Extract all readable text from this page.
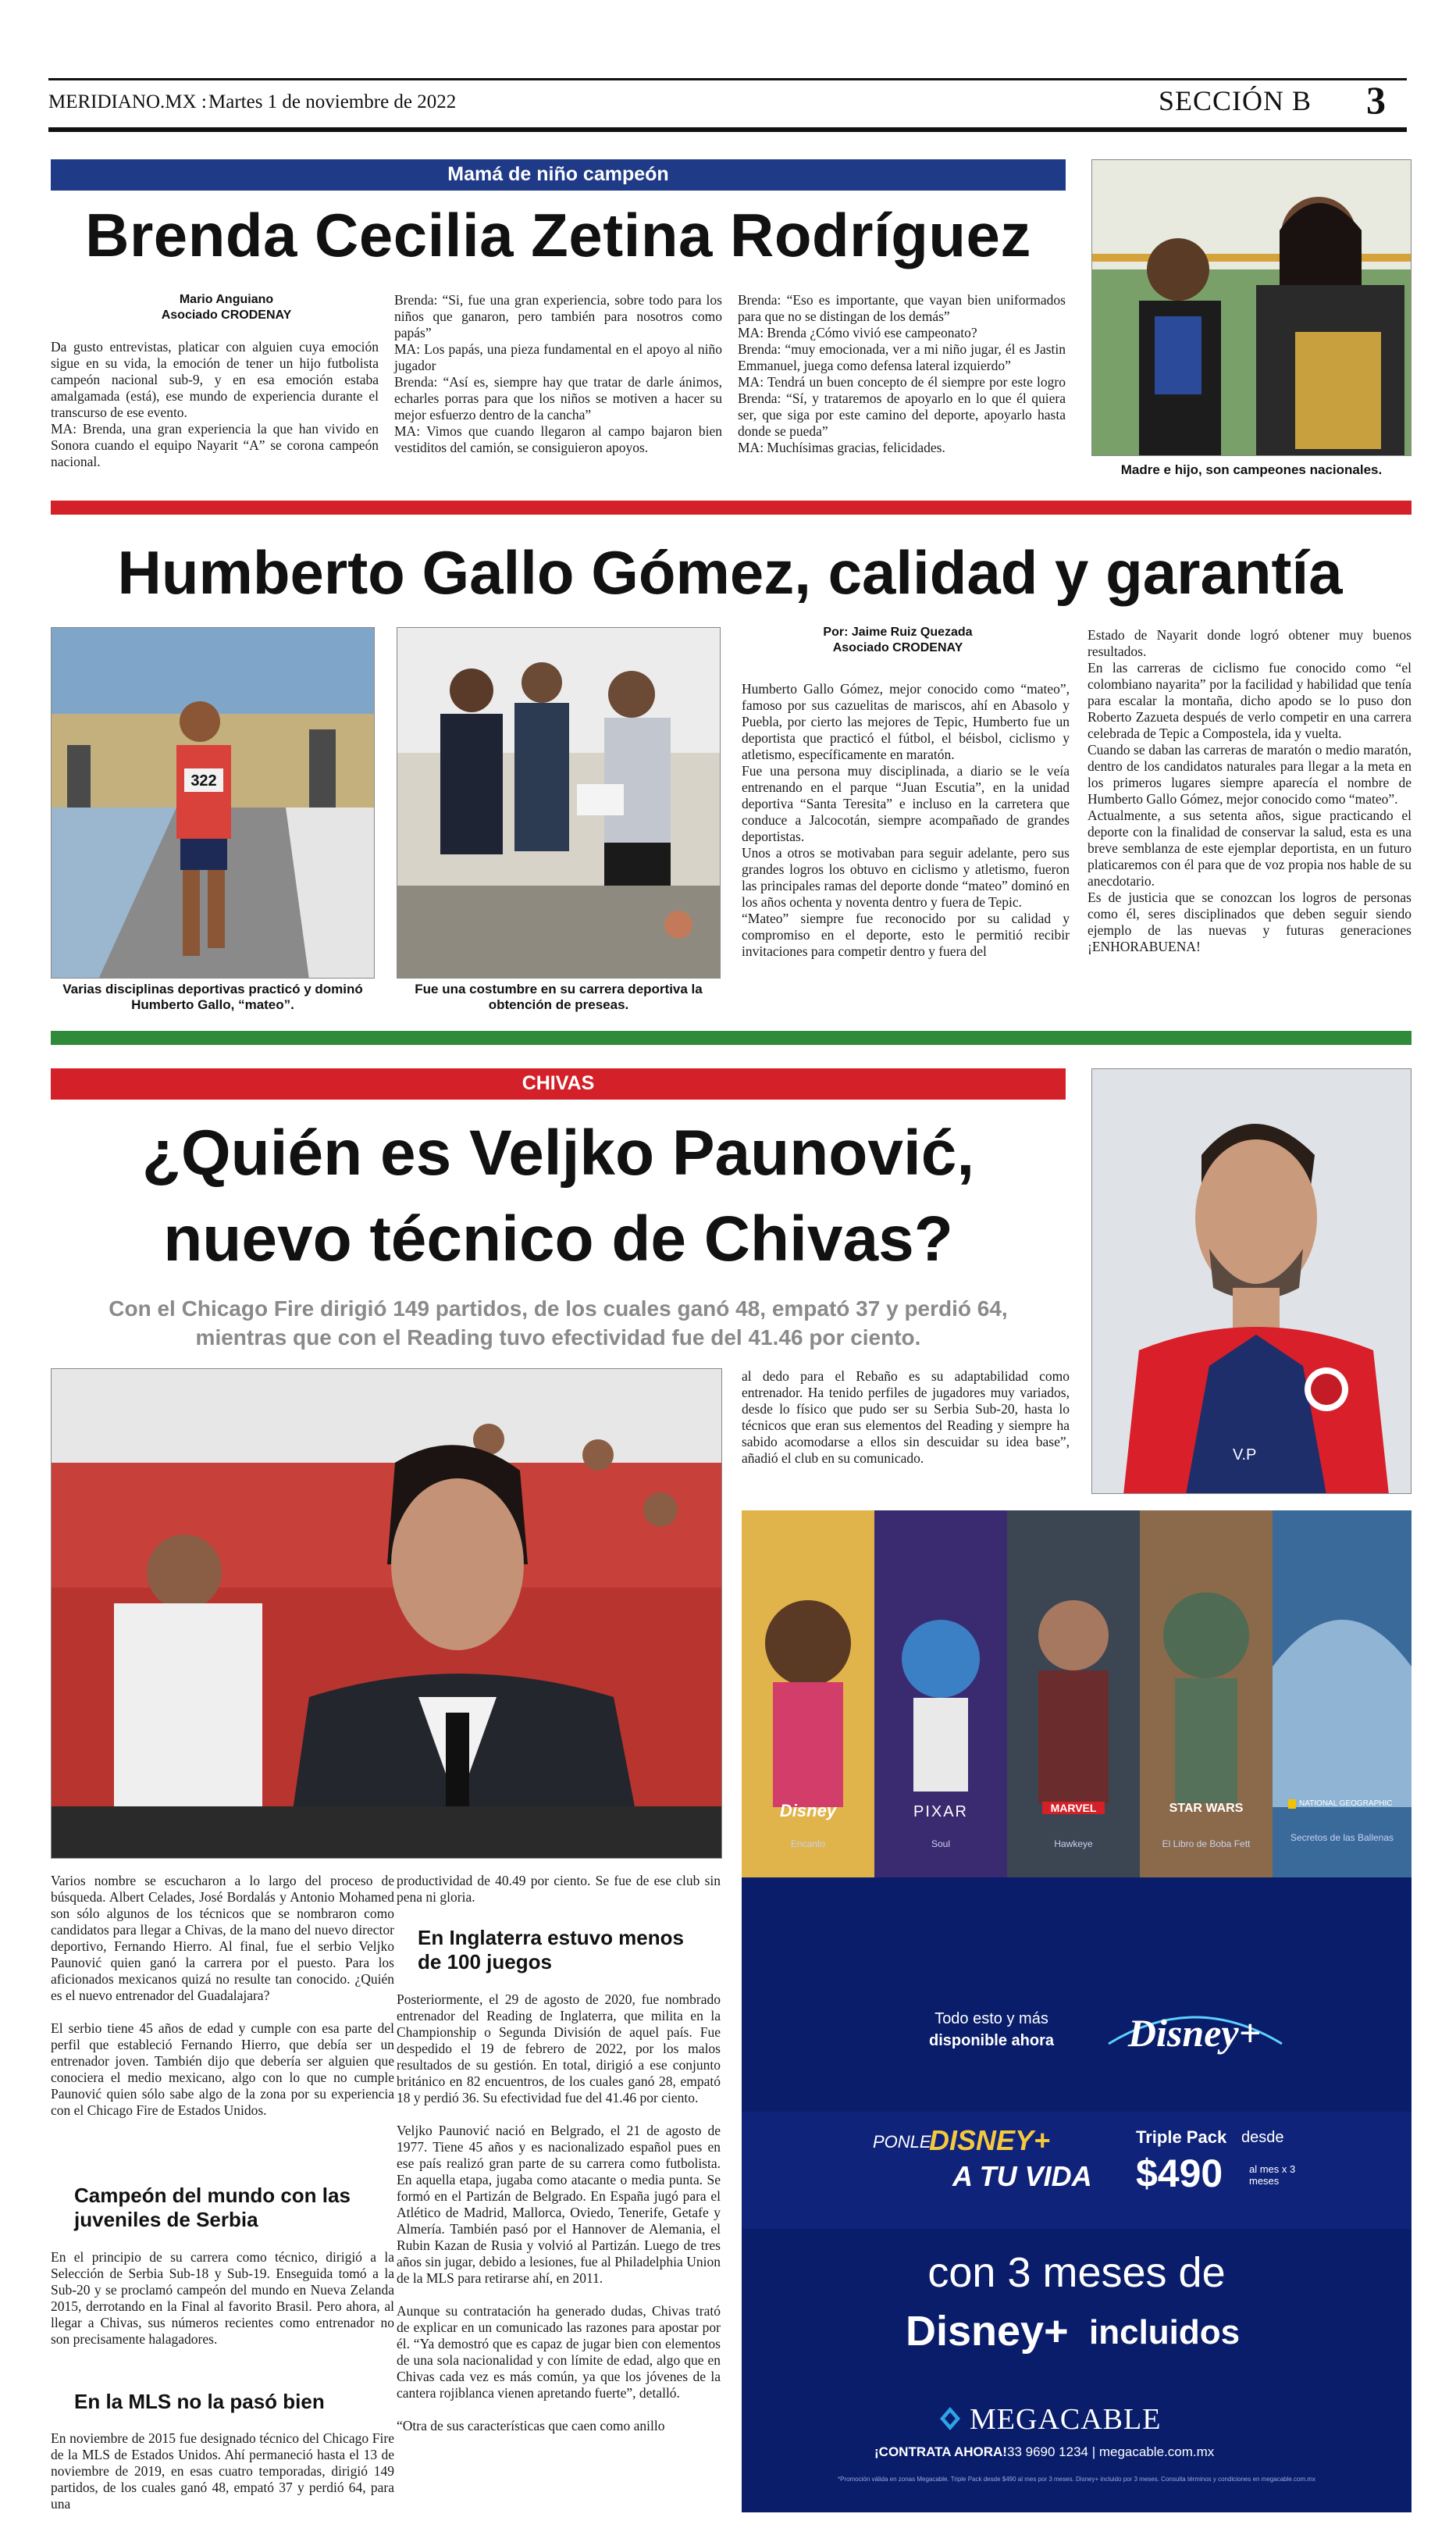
MERIDIANO.MX : Martes 1 de noviembre de 2022	SECCIÓN B 3
Mamá de niño campeón
Brenda Cecilia Zetina Rodríguez
Mario Anguiano
Asociado CRODENAY

Da gusto entrevistas, platicar con alguien cuya emoción sigue en su vida, la emoción de tener un hijo futbolista campeón nacional sub-9, y en esa emoción estaba amalgamada (está), ese mundo de experiencia durante el transcurso de ese evento.

MA: Brenda, una gran experiencia la que han vivido en Sonora cuando el equipo Nayarit “A” se corona campeón nacional.

Brenda: “Si, fue una gran experiencia, sobre todo para los niños que ganaron, pero también para nosotros como papás”

MA: Los papás, una pieza fundamental en el apoyo al niño jugador

Brenda: “Así es, siempre hay que tratar de darle ánimos, echarles porras para que los niños se motiven a hacer su mejor esfuerzo dentro de la cancha”

MA: Vimos que cuando llegaron al campo bajaron bien vestiditos del camión, se consiguieron apoyos.

Brenda: “Eso es importante, que vayan bien uniformados para que no se distingan de los demás”

MA: Brenda ¿Cómo vivió ese campeonato?

Brenda: “muy emocionada, ver a mi niño jugar, él es Jastin Emmanuel, juega como defensa lateral izquierdo”

MA: Tendrá un buen concepto de él siempre por este logro Brenda: “Sí, y trataremos de apoyarlo en lo que él quiera ser, que siga por este camino del deporte, apoyarlo hasta donde se pueda”

MA: Muchísimas gracias, felicidades.

Madre e hijo, son campeones nacionales.
Humberto Gallo Gómez, calidad y garantía
322
Varias disciplinas deportivas practicó y dominó Humberto Gallo, “mateo”.
Fue una costumbre en su carrera deportiva la obtención de preseas.
Por: Jaime Ruiz Quezada
Asociado CRODENAY

Humberto Gallo Gómez, mejor conocido como “mateo”, famoso por sus cazuelitas de mariscos, ahí en Abasolo y Puebla, por cierto las mejores de Tepic, Humberto fue un deportista que practicó el fútbol, el béisbol, ciclismo y atletismo, específicamente en maratón.

Fue una persona muy disciplinada, a diario se le veía entrenando en el parque “Juan Escutia”, en la unidad deportiva “Santa Teresita” e incluso en la carretera que conduce a Jalcocotán, siempre acompañado de grandes deportistas.

Unos a otros se motivaban para seguir adelante, pero sus grandes logros los obtuvo en ciclismo y atletismo, fueron las principales ramas del deporte donde “mateo” dominó en los años ochenta y noventa dentro y fuera de Tepic.

“Mateo” siempre fue reconocido por su calidad y compromiso en el deporte, esto le permitió recibir invitaciones para competir dentro y fuera del

Estado de Nayarit donde logró obtener muy buenos resultados.

En las carreras de ciclismo fue conocido como “el colombiano nayarita” por la facilidad y habilidad que tenía para escalar la montaña, dicho apodo se lo puso don Roberto Zazueta después de verlo competir en una carrera celebrada de Tepic a Compostela, ida y vuelta.

Cuando se daban las carreras de maratón o medio maratón, dentro de los candidatos naturales para llegar a la meta en los primeros lugares siempre aparecía el nombre de Humberto Gallo Gómez, mejor conocido como “mateo”.

Actualmente, a sus setenta años, sigue practicando el deporte con la finalidad de conservar la salud, esta es una breve semblanza de este ejemplar deportista, en un futuro platicaremos con él para que de voz propia nos hable de su anecdotario.

Es de justicia que se conozcan los logros de personas como él, seres disciplinados que deben seguir siendo ejemplo de las nuevas y futuras generaciones ¡ENHORABUENA!

CHIVAS
¿Quién es Veljko Paunović,
nuevo técnico de Chivas?
Con el Chicago Fire dirigió 149 partidos, de los cuales ganó 48, empató 37 y perdió 64,
mientras que con el Reading tuvo efectividad fue del 41.46 por ciento.
V.P
al dedo para el Rebaño es su adaptabilidad como entrenador. Ha tenido perfiles de jugadores muy variados, desde lo físico que pudo ser su Serbia Sub-20, hasta lo técnicos que eran sus elementos del Reading y siempre ha sabido acomodarse a ellos sin descuidar su idea base”, añadió el club en su comunicado.

Varios nombre se escucharon a lo largo del proceso de búsqueda. Albert Celades, José Bordalás y Antonio Mohamed son sólo algunos de los técnicos que se nombraron como candidatos para llegar a Chivas, de la mano del nuevo director deportivo, Fernando Hierro. Al final, fue el serbio Veljko Paunović quien ganó la carrera por el puesto. Para los aficionados mexicanos quizá no resulte tan conocido. ¿Quién es el nuevo entrenador del Guadalajara?

El serbio tiene 45 años de edad y cumple con esa parte del perfil que estableció Fernando Hierro, que debía ser un entrenador joven. También dijo que debería ser alguien que conociera el medio mexicano, algo con lo que no cumple Paunović quien sólo sabe algo de la zona por su experiencia con el Chicago Fire de Estados Unidos.

Campeón del mundo con las juveniles de Serbia
En el principio de su carrera como técnico, dirigió a la Selección de Serbia Sub-18 y Sub-19. Enseguida tomó a la Sub-20 y se proclamó campeón del mundo en Nueva Zelanda 2015, derrotando en la Final al favorito Brasil. Pero ahora, al llegar a Chivas, sus números recientes como entrenador no son precisamente halagadores.
En la MLS no la pasó bien
En noviembre de 2015 fue designado técnico del Chicago Fire de la MLS de Estados Unidos. Ahí permaneció hasta el 13 de noviembre de 2019, en esas cuatro temporadas, dirigió 149 partidos, de los cuales ganó 48, empató 37 y perdió 64, para una
productividad de 40.49 por ciento. Se fue de ese club sin pena ni gloria.
En Inglaterra estuvo menos de 100 juegos

Posteriormente, el 29 de agosto de 2020, fue nombrado entrenador del Reading de Inglaterra, que milita en la Championship o Segunda División de aquel país. Fue despedido el 19 de febrero de 2022, por los malos resultados de su gestión. En total, dirigió a ese conjunto británico en 82 encuentros, de los cuales ganó 28, empató 18 y perdió 36. Su efectividad fue del 41.46 por ciento.

Veljko Paunović nació en Belgrado, el 21 de agosto de 1977. Tiene 45 años y es nacionalizado español pues en ese país realizó gran parte de su carrera como futbolista. En aquella etapa, jugaba como atacante o media punta. Se formó en el Partizán de Belgrado. En España jugó para el Atlético de Madrid, Mallorca, Oviedo, Tenerife, Getafe y Almería. También pasó por el Hannover de Alemania, el Rubin Kazan de Rusia y volvió al Partizán. Luego de tres años sin jugar, debido a lesiones, fue al Philadelphia Union de la MLS para retirarse ahí, en 2011.

Aunque su contratación ha generado dudas, Chivas trató de explicar en un comunicado las razones para apostar por él. “Ya demostró que es capaz de jugar bien con elementos de una sola nacionalidad y con límite de edad, algo que en Chivas cada vez es más común, ya que los jóvenes de la cantera rojiblanca vienen apretando fuerte”, detalló.

“Otra de sus características que caen como anillo

Disney	PIXAR	MARVEL	STAR WARS	NATIONAL GEOGRAPHIC
Encanto	Soul	Hawkeye	El Libro de Boba Fett
Secretos de las Ballenas
Todo esto y más
disponible ahora	Disney+
PONLE
DISNEY+
A TU VIDA
Triple Pack desde
$490	al mes x 3 meses
con 3 meses de
Disney+ incluidos
MEGACABLE
¡CONTRATA AHORA! 33 9690 1234 | megacable.com.mx
*Promoción válida en zonas Megacable. Triple Pack desde $490 al mes por 3 meses. Disney+ incluido por 3 meses. Consulta términos y condiciones en megacable.com.mx
